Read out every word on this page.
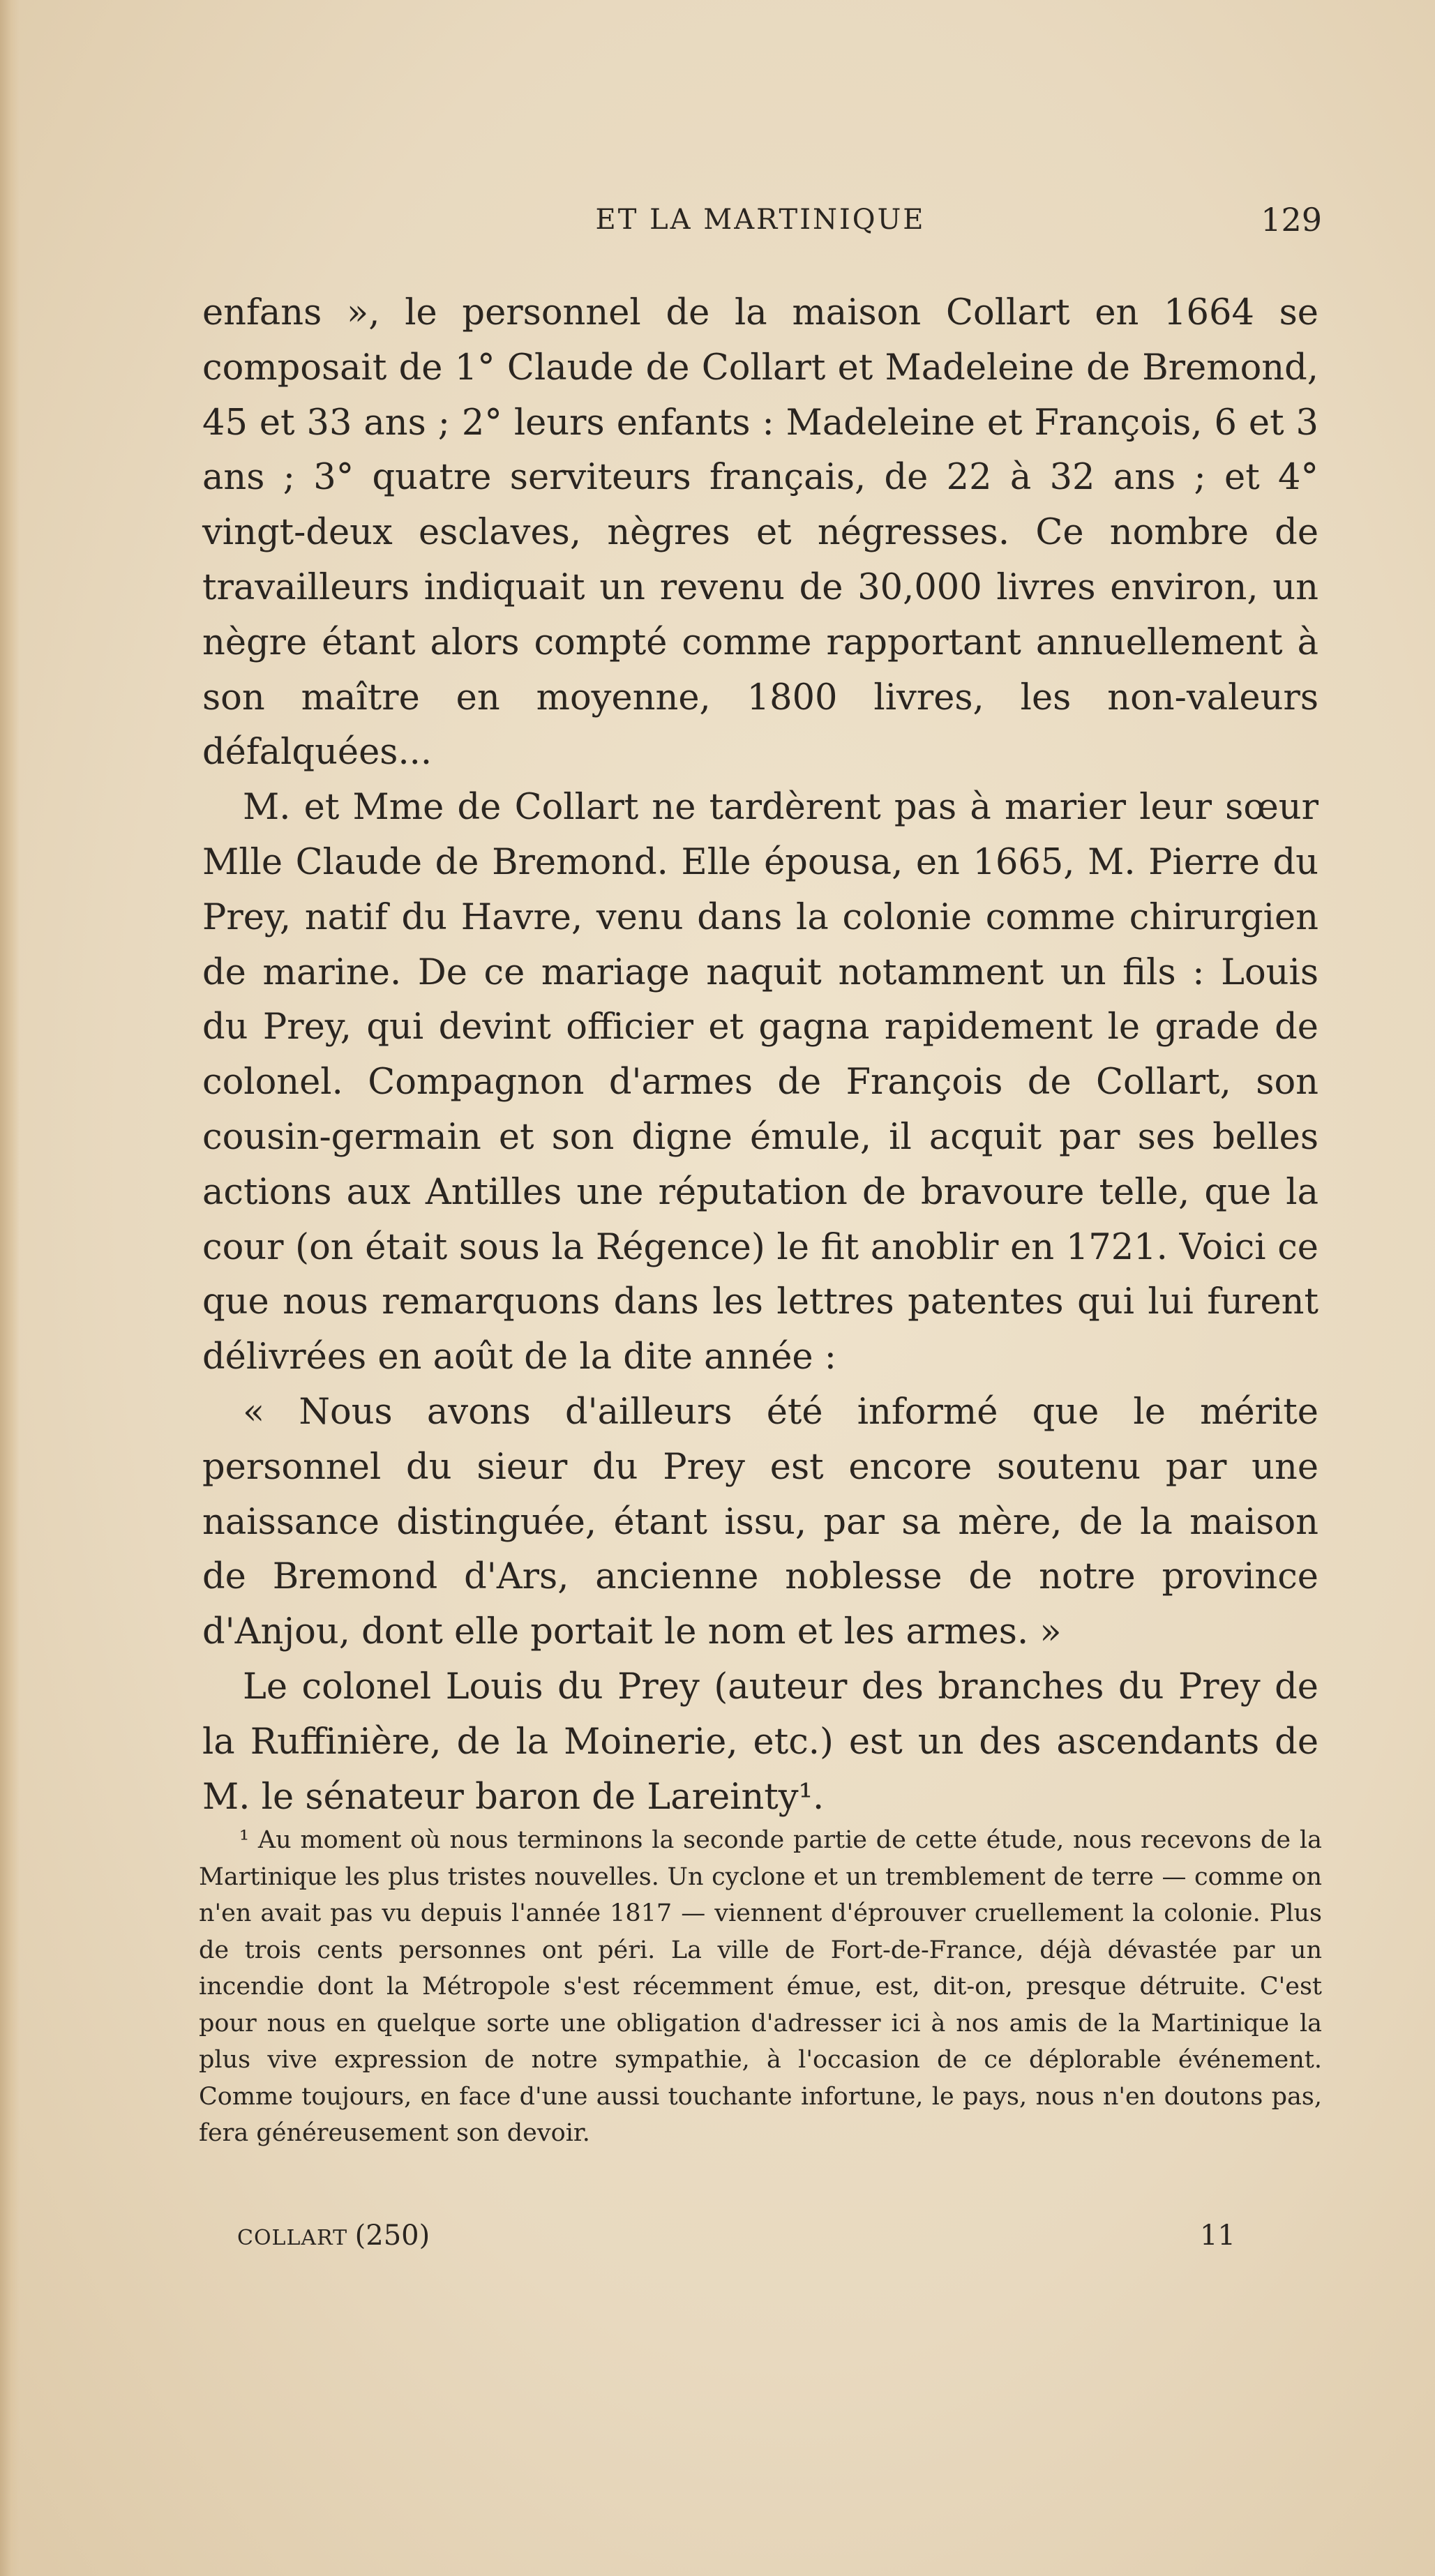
ET LA MARTINIQUE	129

enfans », le personnel de la maison Collart en 1664 se composait de 1° Claude de Collart et Madeleine de Bremond, 45 et 33 ans ; 2° leurs enfants : Madeleine et François, 6 et 3 ans ; 3° quatre serviteurs français, de 22 à 32 ans ; et 4° vingt-deux esclaves, nègres et négresses. Ce nombre de travailleurs indiquait un revenu de 30,000 livres environ, un nègre étant alors compté comme rapportant annuellement à son maître en moyenne, 1800 livres, les non-valeurs défalquées...

M. et Mme de Collart ne tardèrent pas à marier leur sœur Mlle Claude de Bremond. Elle épousa, en 1665, M. Pierre du Prey, natif du Havre, venu dans la colonie comme chirurgien de marine. De ce mariage naquit notamment un fils : Louis du Prey, qui devint officier et gagna rapidement le grade de colonel. Compagnon d'armes de François de Collart, son cousin-germain et son digne émule, il acquit par ses belles actions aux Antilles une réputation de bravoure telle, que la cour (on était sous la Régence) le fit anoblir en 1721. Voici ce que nous remarquons dans les lettres patentes qui lui furent délivrées en août de la dite année :

« Nous avons d'ailleurs été informé que le mérite personnel du sieur du Prey est encore soutenu par une naissance distinguée, étant issu, par sa mère, de la maison de Bremond d'Ars, ancienne noblesse de notre province d'Anjou, dont elle portait le nom et les armes. »

Le colonel Louis du Prey (auteur des branches du Prey de la Ruffinière, de la Moinerie, etc.) est un des ascendants de M. le sénateur baron de Lareinty¹.

¹ Au moment où nous terminons la seconde partie de cette étude, nous recevons de la Martinique les plus tristes nouvelles. Un cyclone et un tremblement de terre — comme on n'en avait pas vu depuis l'année 1817 — viennent d'éprouver cruellement la colonie. Plus de trois cents personnes ont péri. La ville de Fort-de-France, déjà dévastée par un incendie dont la Métropole s'est récemment émue, est, dit-on, presque détruite. C'est pour nous en quelque sorte une obligation d'adresser ici à nos amis de la Martinique la plus vive expression de notre sympathie, à l'occasion de ce déplorable événement. Comme toujours, en face d'une aussi touchante infortune, le pays, nous n'en doutons pas, fera généreusement son devoir.
COLLART (250)	11
